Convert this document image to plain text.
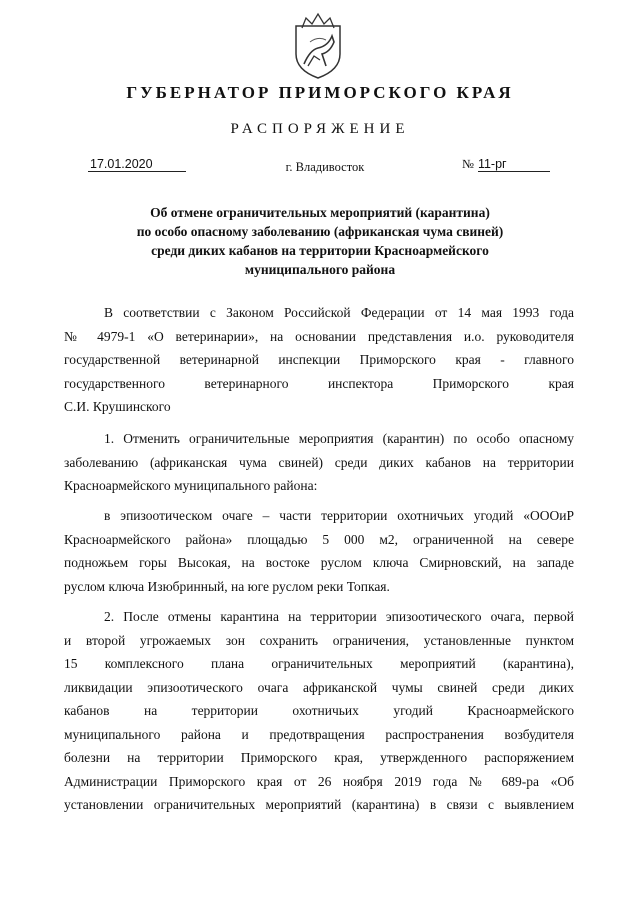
ГУБЕРНАТОР ПРИМОРСКОГО КРАЯ
РАСПОРЯЖЕНИЕ
17.01.2020	г. Владивосток	№ 11-рг
Об отмене ограничительных мероприятий (карантина)
по особо опасному заболеванию (африканская чума свиней)
среди диких кабанов на территории Красноармейского
муниципального района
В соответствии с Законом Российской Федерации от 14 мая 1993 года
№ 4979-1 «О ветеринарии», на основании представления и.о. руководителя
государственной ветеринарной инспекции Приморского края - главного
государственного ветеринарного инспектора Приморского края
С.И. Крушинского
1. Отменить ограничительные мероприятия (карантин) по особо опасному
заболеванию (африканская чума свиней) среди диких кабанов на территории
Красноармейского муниципального района:
в эпизоотическом очаге – части территории охотничьих угодий «ОООиР
Красноармейского района» площадью 5 000 м2, ограниченной на севере
подножьем горы Высокая, на востоке руслом ключа Смирновский, на западе
руслом ключа Изюбринный, на юге руслом реки Топкая.
2. После отмены карантина на территории эпизоотического очага, первой
и второй угрожаемых зон сохранить ограничения, установленные пунктом
15 комплексного плана ограничительных мероприятий (карантина),
ликвидации эпизоотического очага африканской чумы свиней среди диких
кабанов на территории охотничьих угодий Красноармейского
муниципального района и предотвращения распространения возбудителя
болезни на территории Приморского края, утвержденного распоряжением
Администрации Приморского края от 26 ноября 2019 года № 689-ра «Об
установлении ограничительных мероприятий (карантина) в связи с выявлением
